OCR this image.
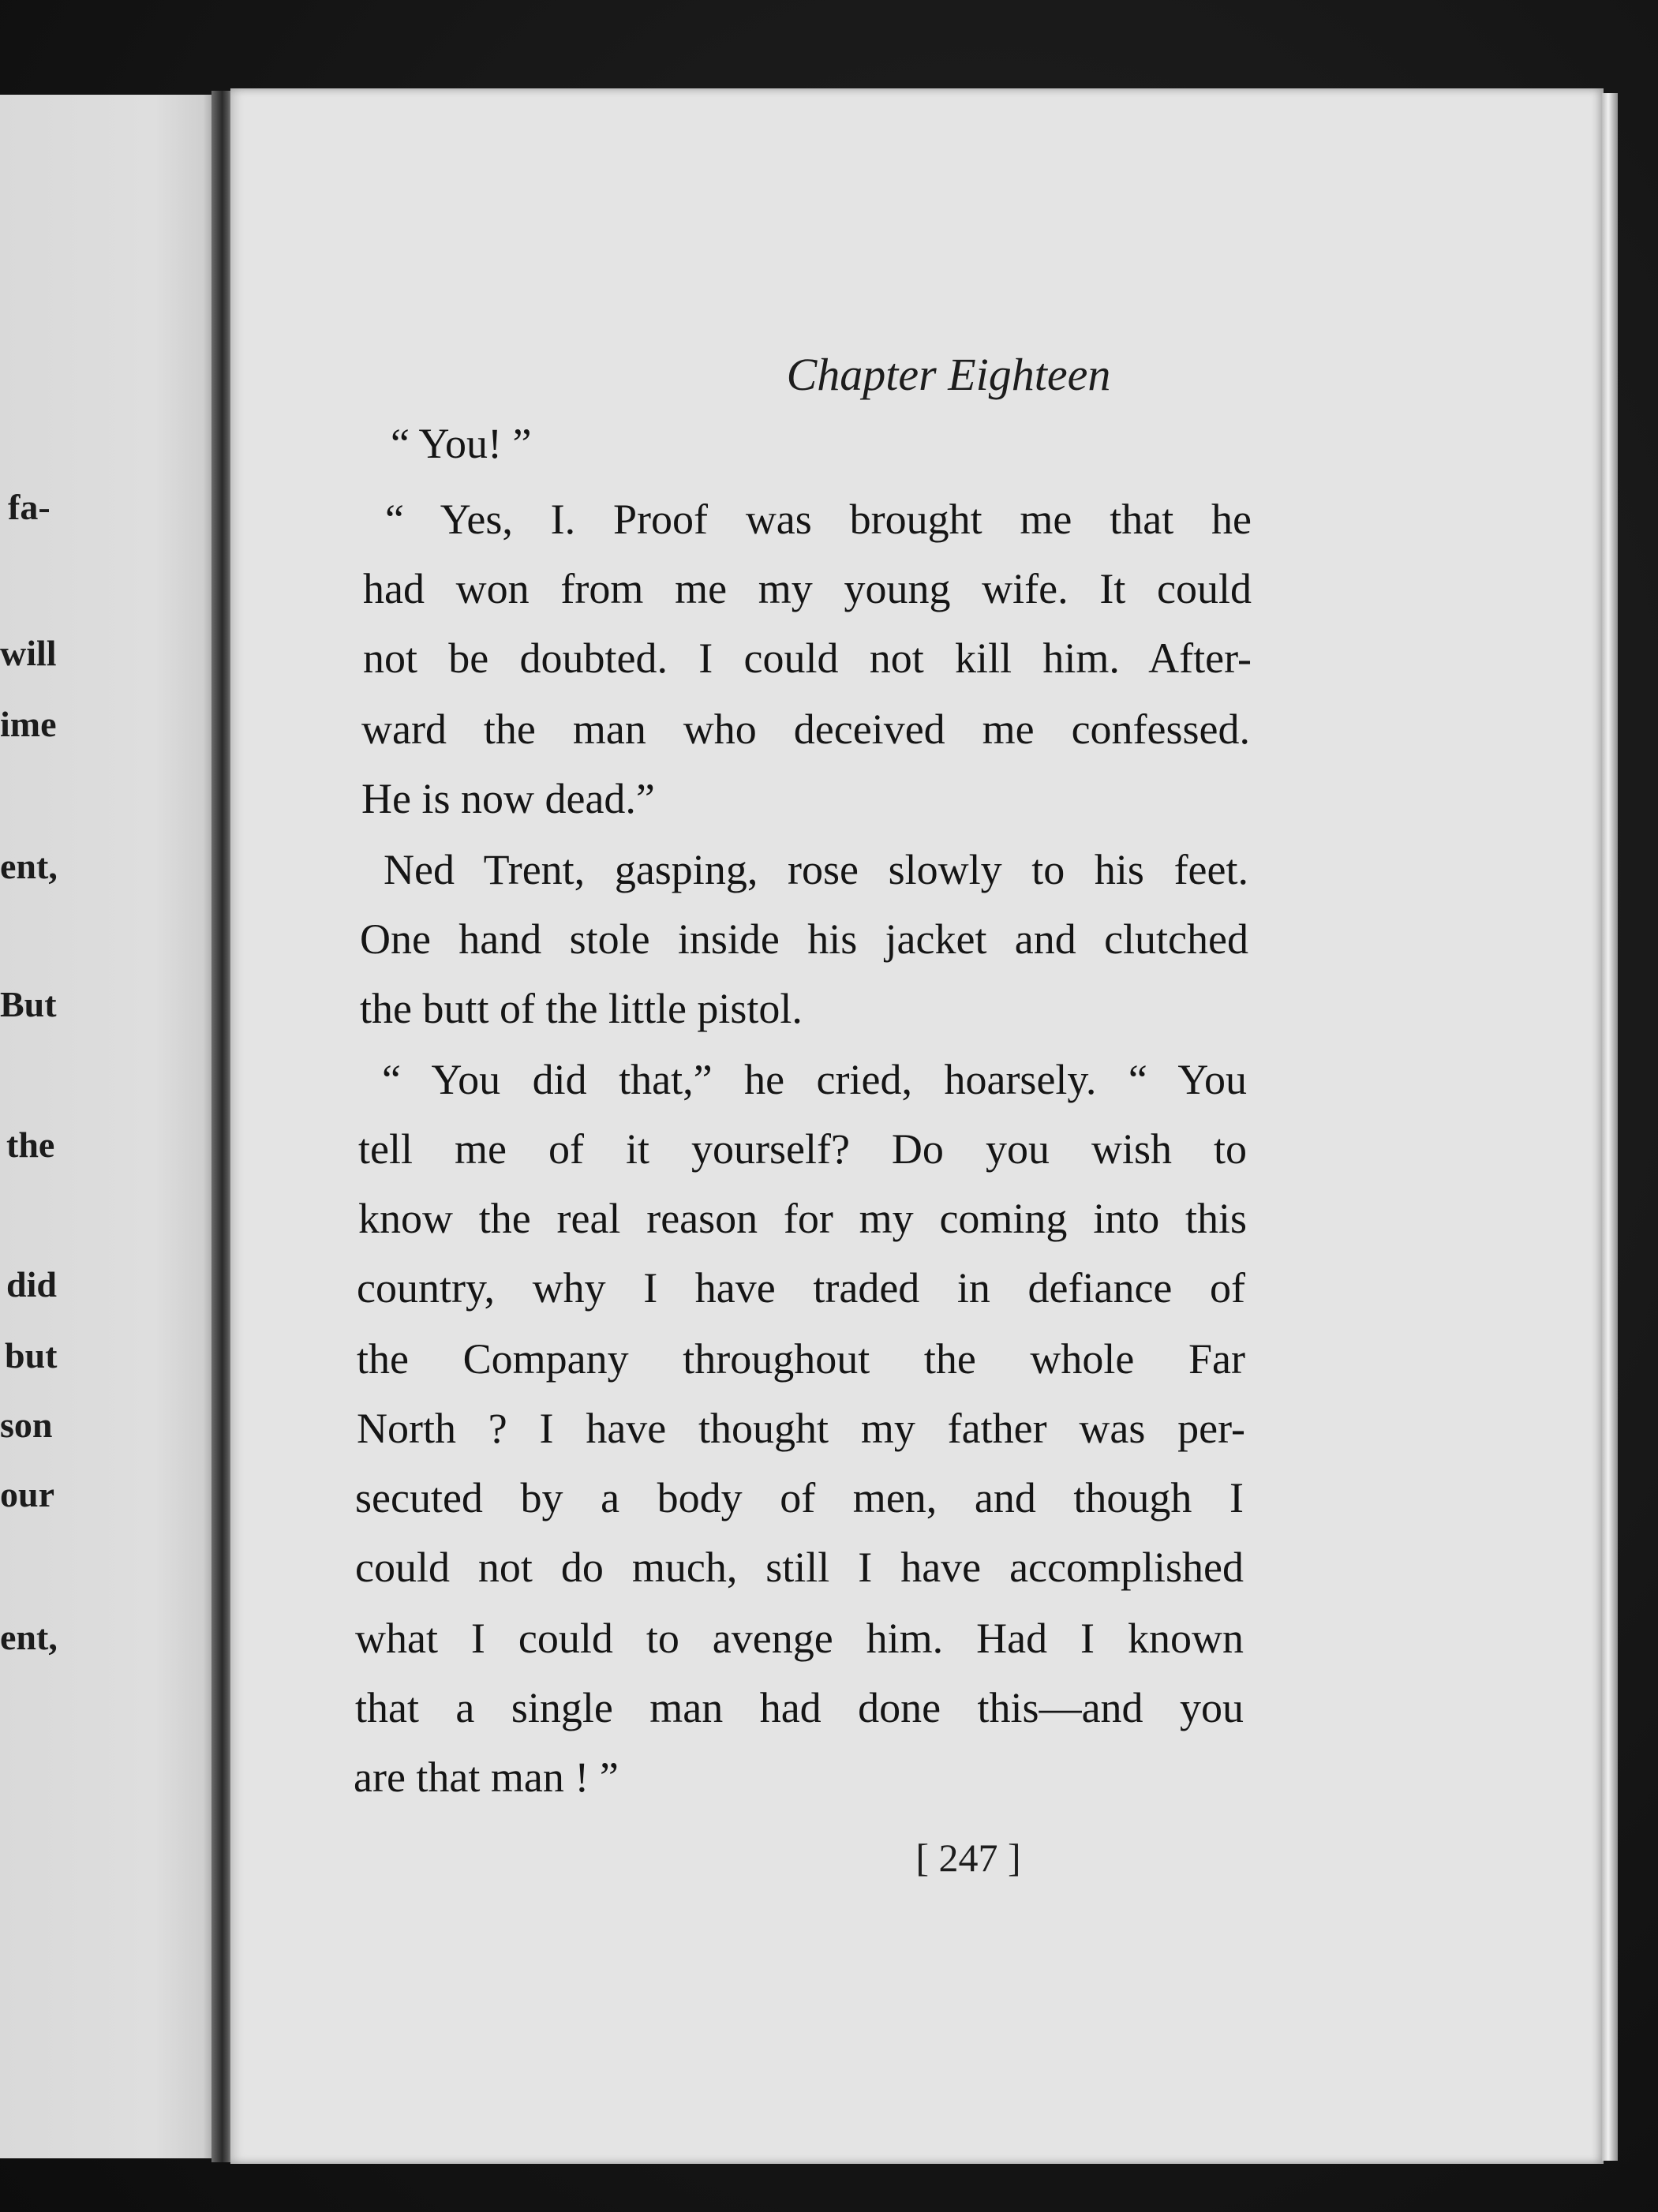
fa-

will

ime

ent,

But

the

did

but

son

our

ent,

Chapter Eighteen

“ You! ”

“ Yes, I. Proof was brought me that he

had won from me my young wife. It could

not be doubted. I could not kill him. After-

ward the man who deceived me confessed.

He is now dead.”

Ned Trent, gasping, rose slowly to his feet.

One hand stole inside his jacket and clutched

the butt of the little pistol.

“ You did that,” he cried, hoarsely. “ You

tell me of it yourself? Do you wish to

know the real reason for my coming into this

country, why I have traded in defiance of

the Company throughout the whole Far

North ? I have thought my father was per-

secuted by a body of men, and though I

could not do much, still I have accomplished

what I could to avenge him. Had I known

that a single man had done this—and you

are that man ! ”

[ 247 ]
